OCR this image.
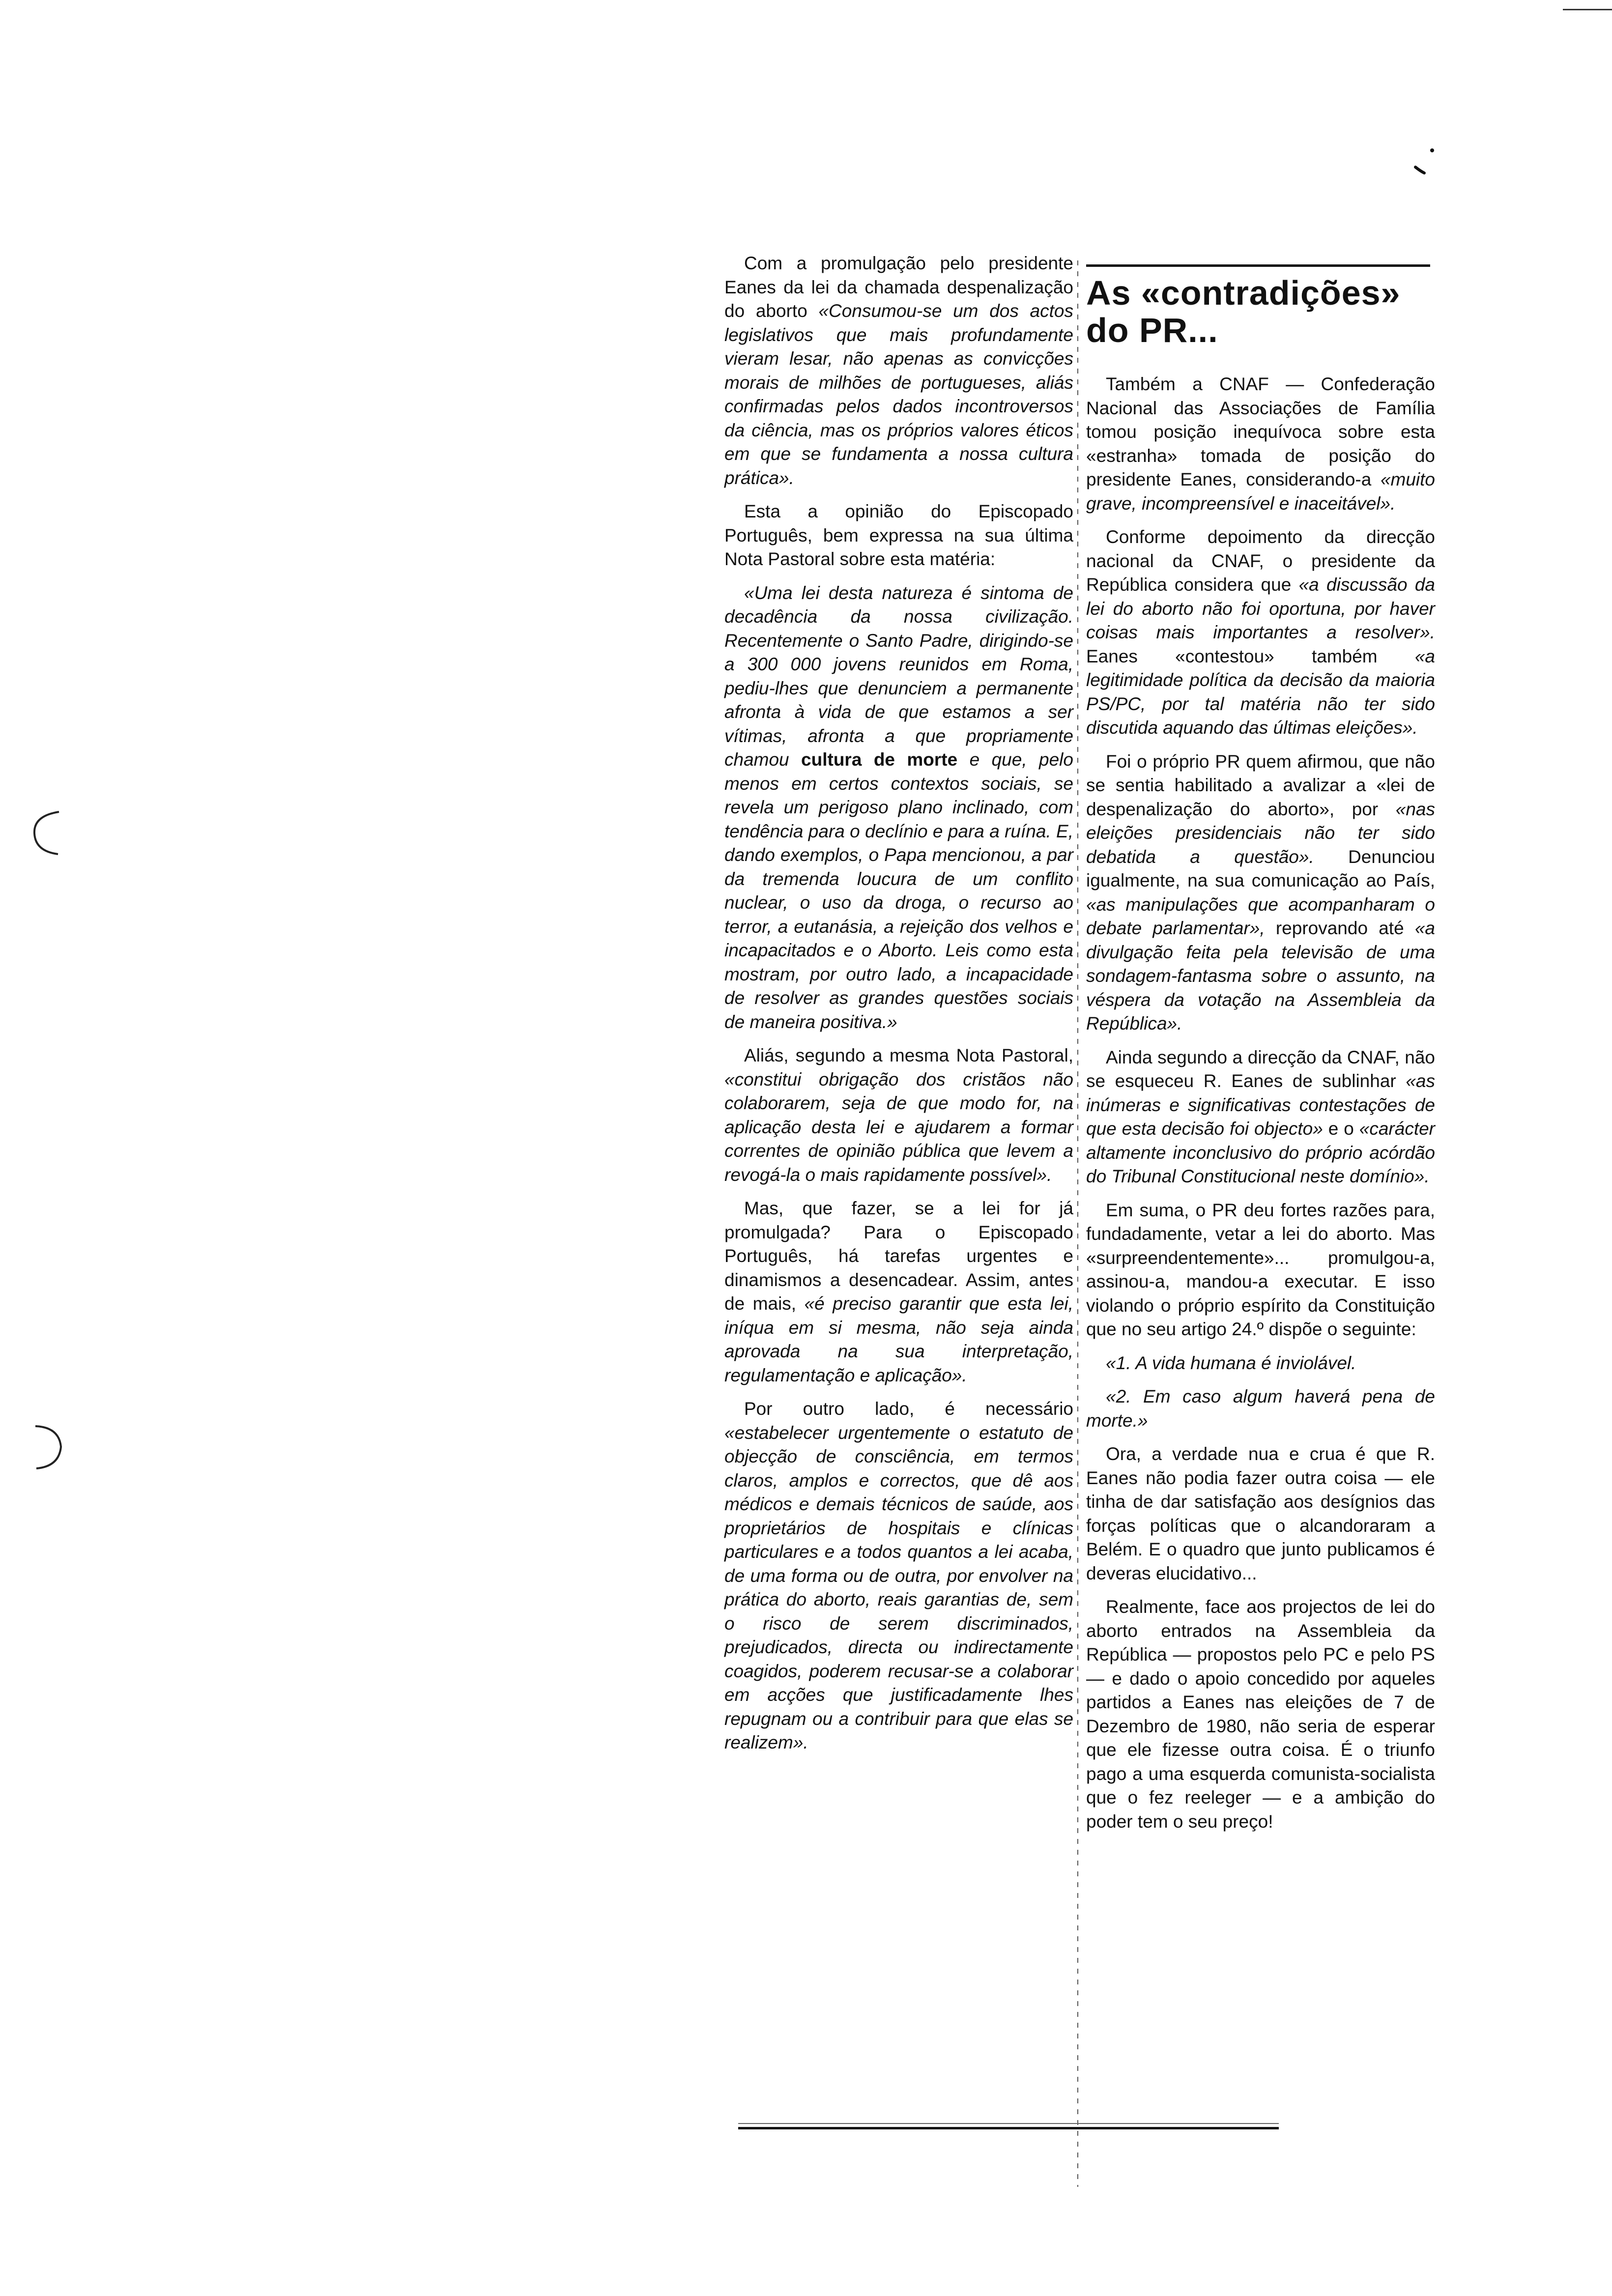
Com a promulgação pelo presidente Eanes da lei da chamada despenalização do aborto «Consumou-se um dos actos legislativos que mais profundamente vieram lesar, não apenas as convicções morais de milhões de portugueses, aliás confirmadas pelos dados incontroversos da ciência, mas os próprios valores éticos em que se fundamenta a nossa cultura prática».

Esta a opinião do Episcopado Português, bem expressa na sua última Nota Pastoral sobre esta matéria:

«Uma lei desta natureza é sintoma de decadência da nossa civilização. Recentemente o Santo Padre, dirigindo-se a 300 000 jovens reunidos em Roma, pediu-lhes que denunciem a permanente afronta à vida de que estamos a ser vítimas, afronta a que propriamente chamou cultura de morte e que, pelo menos em certos contextos sociais, se revela um perigoso plano inclinado, com tendência para o declínio e para a ruína. E, dando exemplos, o Papa mencionou, a par da tremenda loucura de um conflito nuclear, o uso da droga, o recurso ao terror, a eutanásia, a rejeição dos velhos e incapacitados e o Aborto. Leis como esta mostram, por outro lado, a incapacidade de resolver as grandes questões sociais de maneira positiva.»

Aliás, segundo a mesma Nota Pastoral, «constitui obrigação dos cristãos não colaborarem, seja de que modo for, na aplicação desta lei e ajudarem a formar correntes de opinião pública que levem a revogá-la o mais rapidamente possível».

Mas, que fazer, se a lei for já promulgada? Para o Episcopado Português, há tarefas urgentes e dinamismos a desencadear. Assim, antes de mais, «é preciso garantir que esta lei, iníqua em si mesma, não seja ainda aprovada na sua interpretação, regulamentação e aplicação».

Por outro lado, é necessário «estabelecer urgentemente o estatuto de objecção de consciência, em termos claros, amplos e correctos, que dê aos médicos e demais técnicos de saúde, aos proprietários de hospitais e clínicas particulares e a todos quantos a lei acaba, de uma forma ou de outra, por envolver na prática do aborto, reais garantias de, sem o risco de serem discriminados, prejudicados, directa ou indirectamente coagidos, poderem recusar-se a colaborar em acções que justificadamente lhes repugnam ou a contribuir para que elas se realizem».

As «contradições» do PR...

Também a CNAF — Confederação Nacional das Associações de Família tomou posição inequívoca sobre esta «estranha» tomada de posição do presidente Eanes, considerando-a «muito grave, incompreensível e inaceitável».

Conforme depoimento da direcção nacional da CNAF, o presidente da República considera que «a discussão da lei do aborto não foi oportuna, por haver coisas mais importantes a resolver». Eanes «contestou» também «a legitimidade política da decisão da maioria PS/PC, por tal matéria não ter sido discutida aquando das últimas eleições».

Foi o próprio PR quem afirmou, que não se sentia habilitado a avalizar a «lei de despenalização do aborto», por «nas eleições presidenciais não ter sido debatida a questão». Denunciou igualmente, na sua comunicação ao País, «as manipulações que acompanharam o debate parlamentar», reprovando até «a divulgação feita pela televisão de uma sondagem-fantasma sobre o assunto, na véspera da votação na Assembleia da República».

Ainda segundo a direcção da CNAF, não se esqueceu R. Eanes de sublinhar «as inúmeras e significativas contestações de que esta decisão foi objecto» e o «carácter altamente inconclusivo do próprio acórdão do Tribunal Constitucional neste domínio».

Em suma, o PR deu fortes razões para, fundadamente, vetar a lei do aborto. Mas «surpreendentemente»... promulgou-a, assinou-a, mandou-a executar. E isso violando o próprio espírito da Constituição que no seu artigo 24.º dispõe o seguinte:

«1. A vida humana é inviolável.

«2. Em caso algum haverá pena de morte.»

Ora, a verdade nua e crua é que R. Eanes não podia fazer outra coisa — ele tinha de dar satisfação aos desígnios das forças políticas que o alcandoraram a Belém. E o quadro que junto publicamos é deveras elucidativo...

Realmente, face aos projectos de lei do aborto entrados na Assembleia da República — propostos pelo PC e pelo PS — e dado o apoio concedido por aqueles partidos a Eanes nas eleições de 7 de Dezembro de 1980, não seria de esperar que ele fizesse outra coisa. É o triunfo pago a uma esquerda comunista-socialista que o fez reeleger — e a ambição do poder tem o seu preço!
